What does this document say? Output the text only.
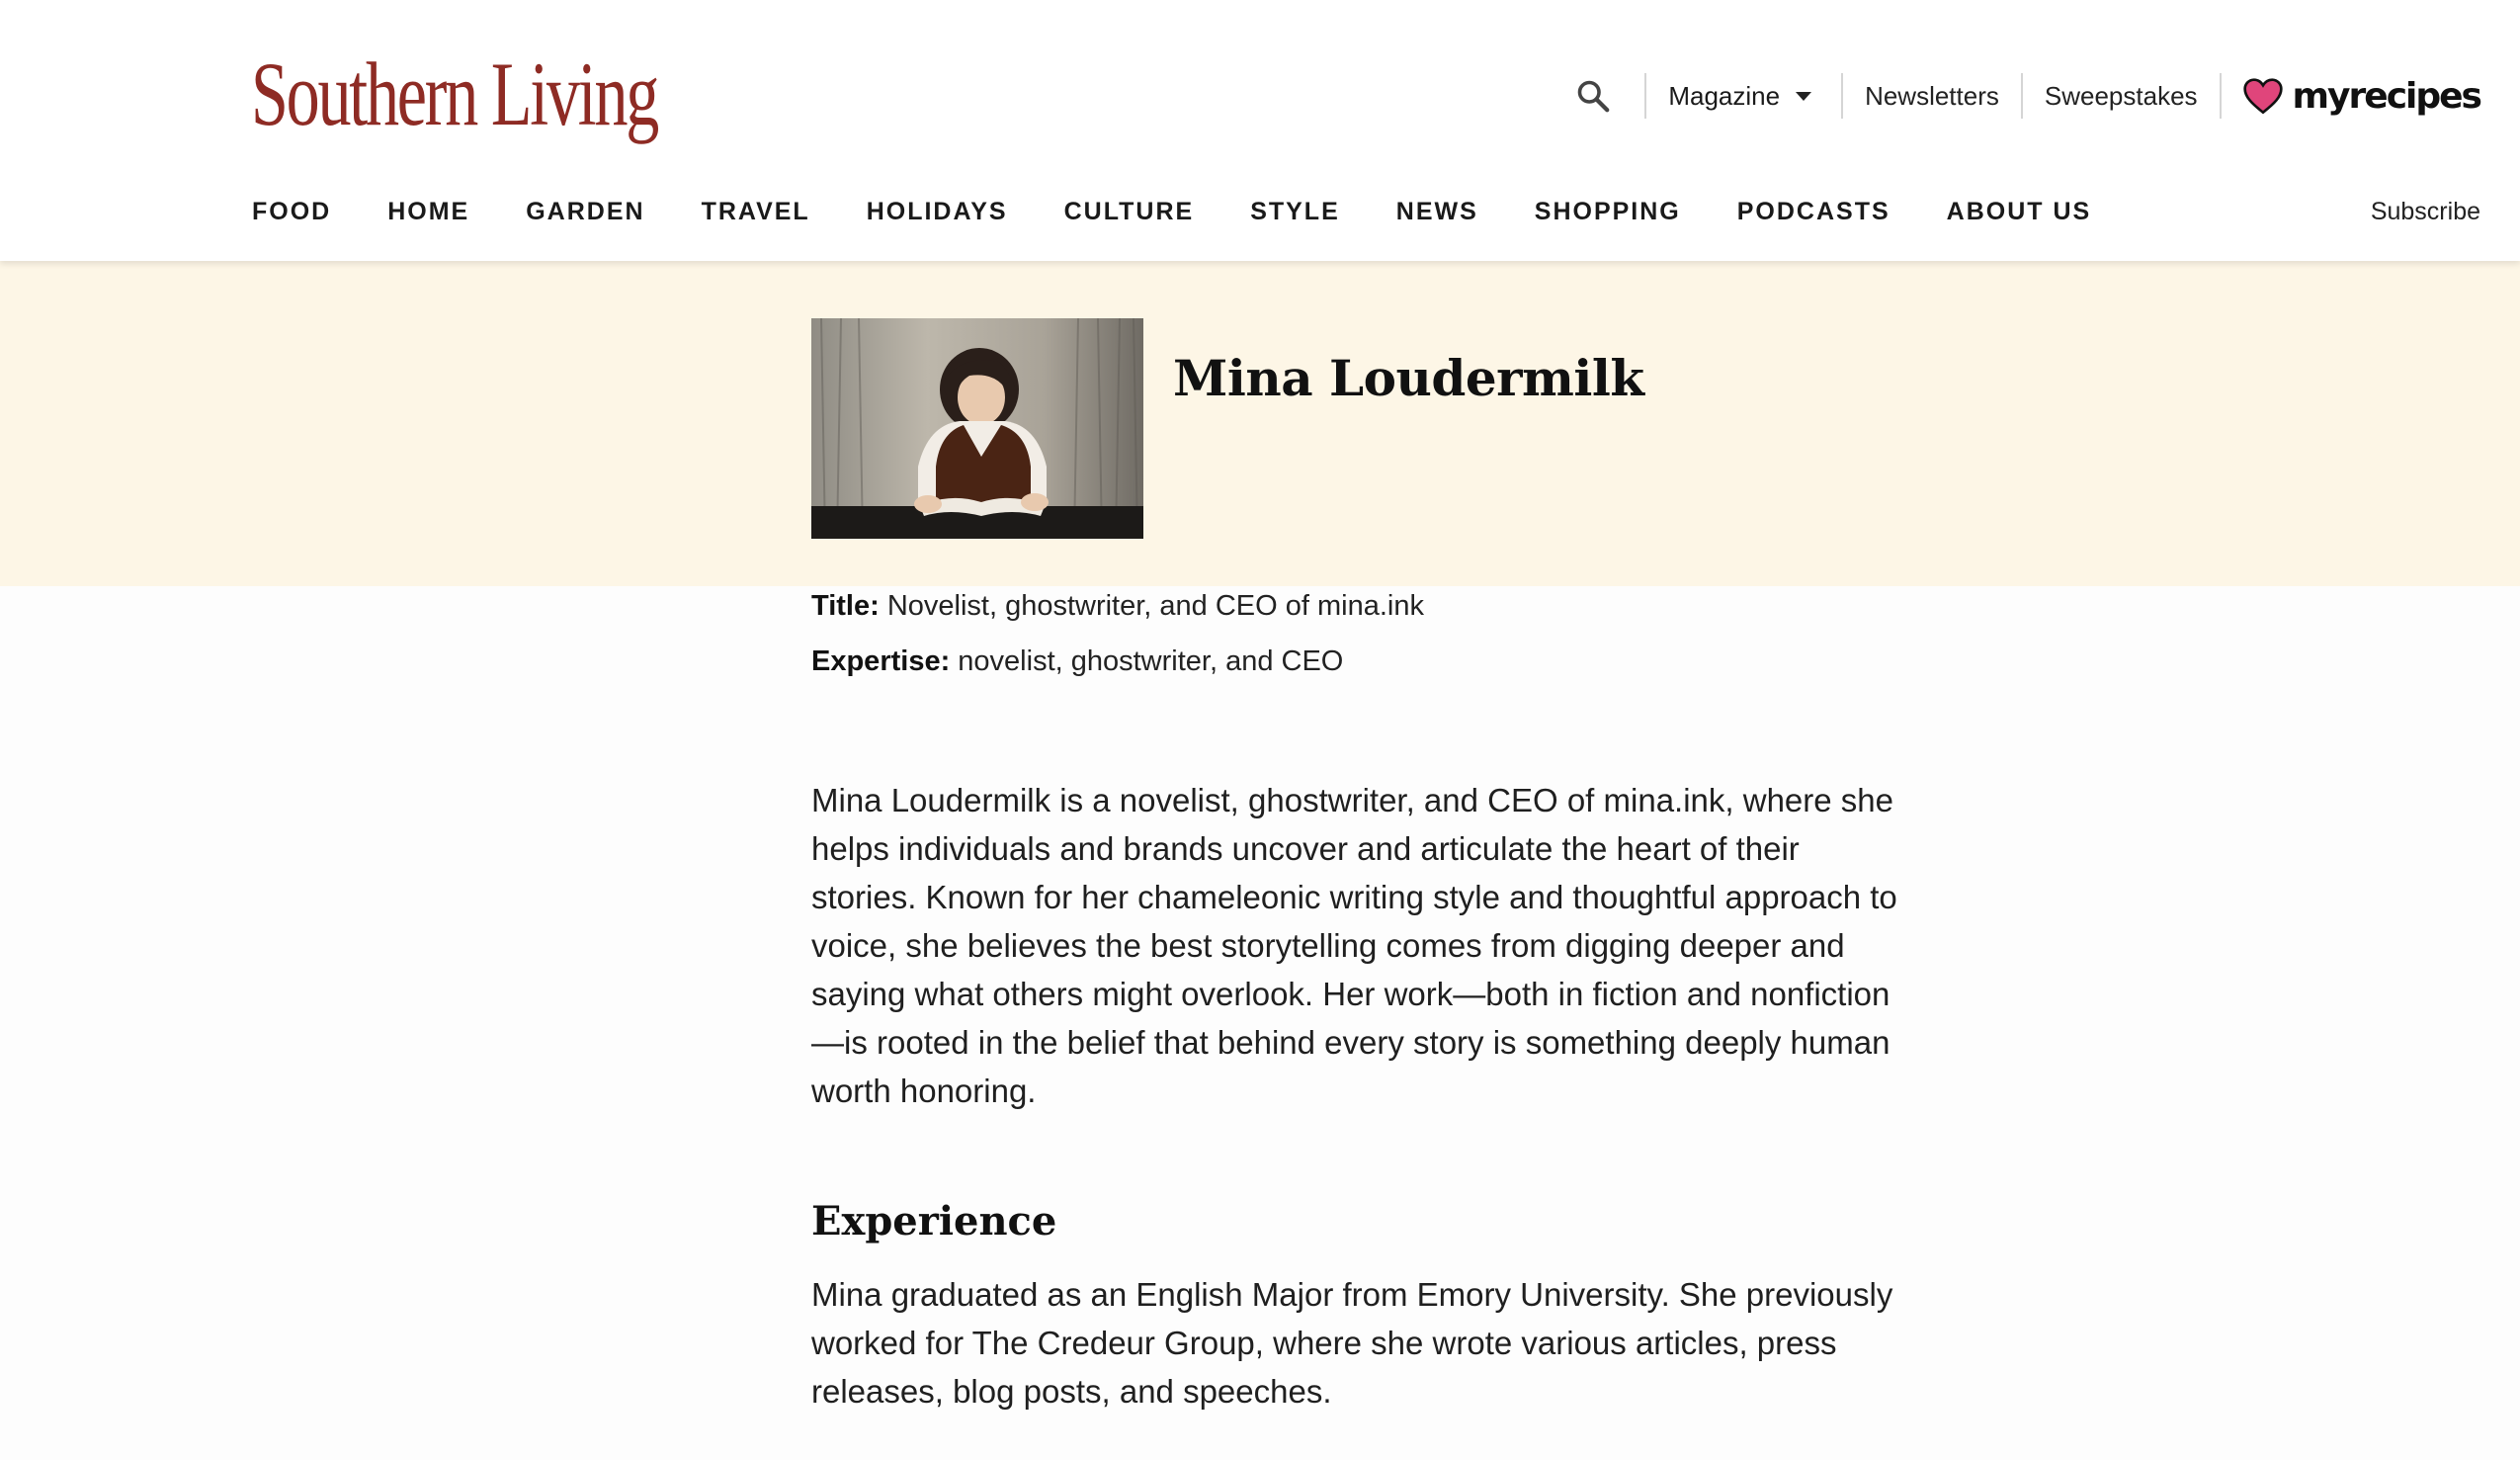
Southern Living	Magazine	Newsletters	Sweepstakes	myrecipes
FOOD HOME GARDEN TRAVEL HOLIDAYS CULTURE STYLE NEWS SHOPPING PODCASTS ABOUT US	Subscribe
Mina Loudermilk

Title: Novelist, ghostwriter, and CEO of mina.ink

Expertise: novelist, ghostwriter, and CEO

Mina Loudermilk is a novelist, ghostwriter, and CEO of mina.ink, where she helps individuals and brands uncover and articulate the heart of their stories. Known for her chameleonic writing style and thoughtful approach to voice, she believes the best storytelling comes from digging deeper and saying what others might overlook. Her work—both in fiction and nonfiction—is rooted in the belief that behind every story is something deeply human worth honoring.

Experience

Mina graduated as an English Major from Emory University. She previously worked for The Credeur Group, where she wrote various articles, press releases, blog posts, and speeches.
